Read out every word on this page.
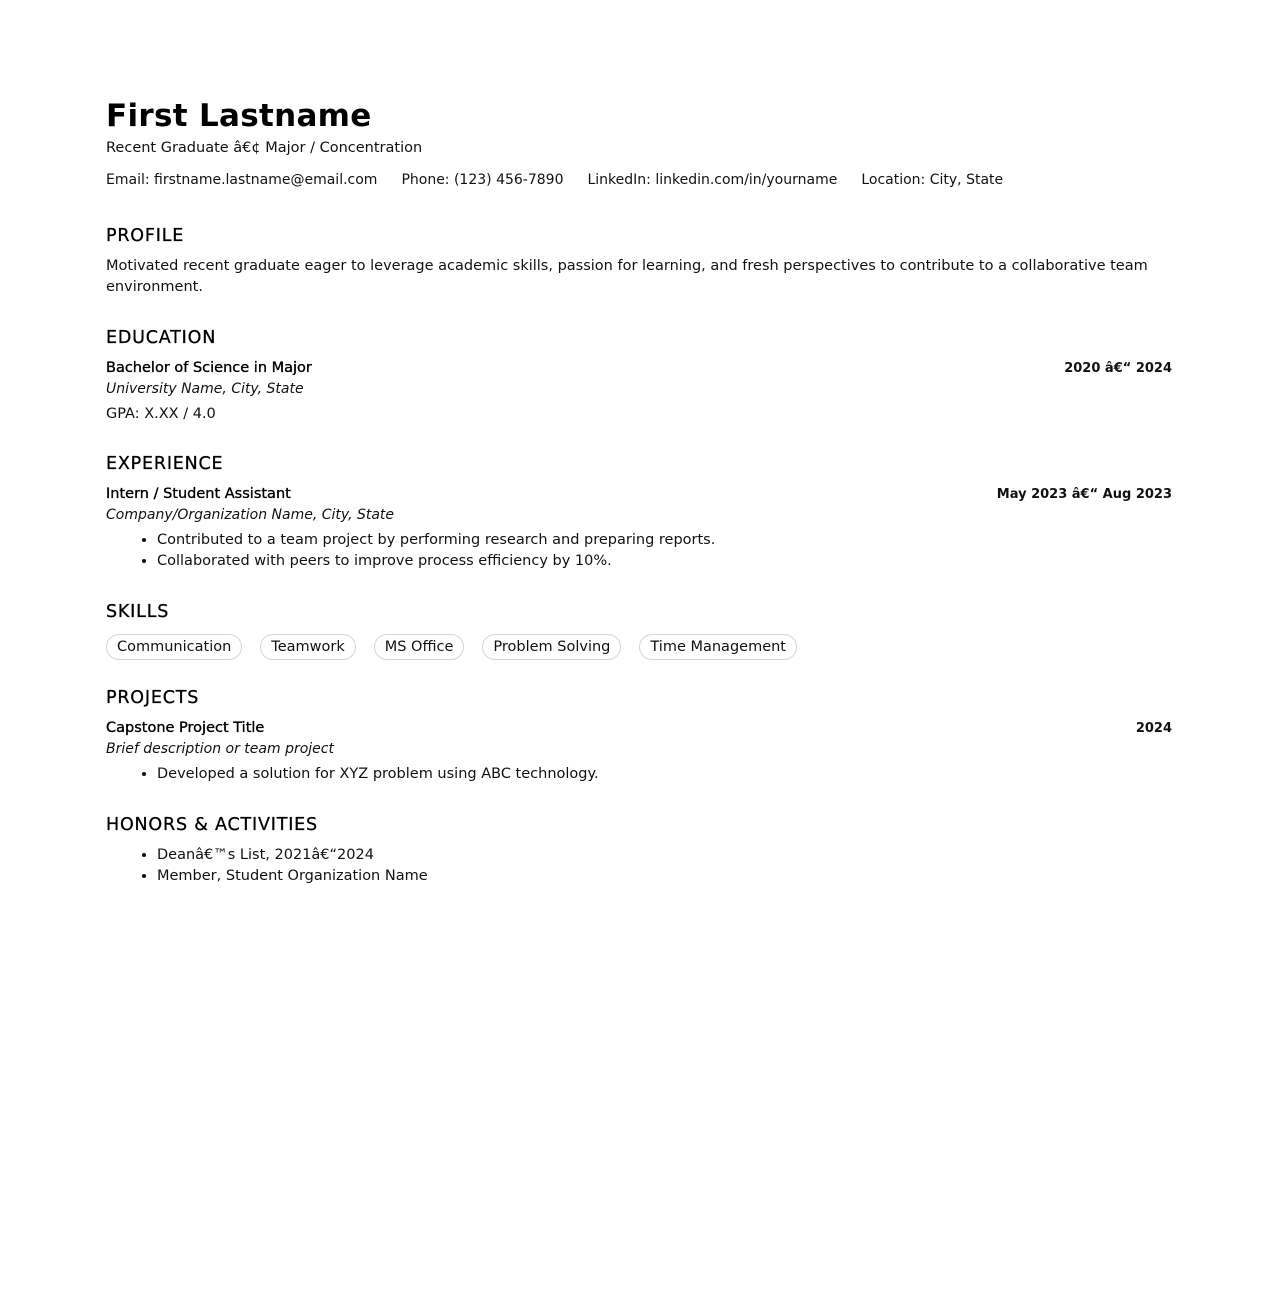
First Lastname
Recent Graduate â€¢ Major / Concentration
Email: firstname.lastname@email.com Phone: (123) 456-7890 LinkedIn: linkedin.com/in/yourname Location: City, State
PROFILE

Motivated recent graduate eager to leverage academic skills, passion for learning, and fresh perspectives to contribute to a collaborative team environment.

EDUCATION
Bachelor of Science in Major	2020 â€“ 2024
University Name, City, State
GPA: X.XX / 4.0
EXPERIENCE
Intern / Student Assistant	May 2023 â€“ Aug 2023
Company/Organization Name, City, State
• Contributed to a team project by performing research and preparing reports.
• Collaborated with peers to improve process efficiency by 10%.
SKILLS
Communication	Teamwork	MS Office	Problem Solving	Time Management
PROJECTS
Capstone Project Title	2024
Brief description or team project
• Developed a solution for XYZ problem using ABC technology.
HONORS & ACTIVITIES
• Deanâ€™s List, 2021â€“2024
• Member, Student Organization Name
